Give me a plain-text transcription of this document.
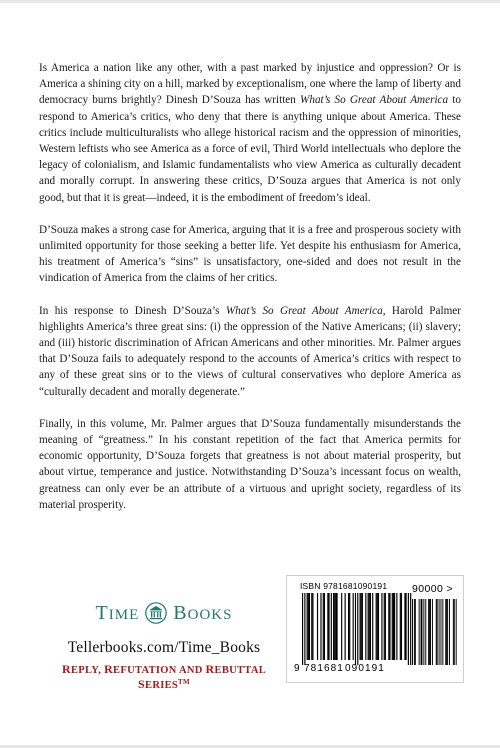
Is America a nation like any other, with a past marked by injustice and oppression? Or is America a shining city on a hill, marked by exceptionalism, one where the lamp of liberty and democracy burns brightly? Dinesh D’Souza has written What’s So Great About America to respond to America’s critics, who deny that there is anything unique about America. These critics include multiculturalists who allege historical racism and the oppression of minorities, Western leftists who see America as a force of evil, Third World intellectuals who deplore the legacy of colonialism, and Islamic fundamentalists who view America as culturally decadent and morally corrupt. In answering these critics, D’Souza argues that America is not only good, but that it is great—indeed, it is the embodiment of freedom’s ideal.

D’Souza makes a strong case for America, arguing that it is a free and prosperous society with unlimited opportunity for those seeking a better life. Yet despite his enthusiasm for America, his treatment of America’s “sins” is unsatisfactory, one-sided and does not result in the vindication of America from the claims of her critics.

In his response to Dinesh D’Souza’s What’s So Great About America, Harold Palmer highlights America’s three great sins: (i) the oppression of the Native Americans; (ii) slavery; and (iii) historic discrimination of African Americans and other minorities. Mr. Palmer argues that D’Souza fails to adequately respond to the accounts of America’s critics with respect to any of these great sins or to the views of cultural conservatives who deplore America as “culturally decadent and morally degenerate.”

Finally, in this volume, Mr. Palmer argues that D’Souza fundamentally misunderstands the meaning of “greatness.” In his constant repetition of the fact that America permits for economic opportunity, D’Souza forgets that greatness is not about material prosperity, but about virtue, temperance and justice. Notwithstanding D’Souza’s incessant focus on wealth, greatness can only ever be an attribute of a virtuous and upright society, regardless of its material prosperity.

TIME BOOKS
Tellerbooks.com/Time_Books
REPLY, REFUTATION AND REBUTTAL SERIES™
ISBN 9781681090191
9 781681 090191
90000 >
